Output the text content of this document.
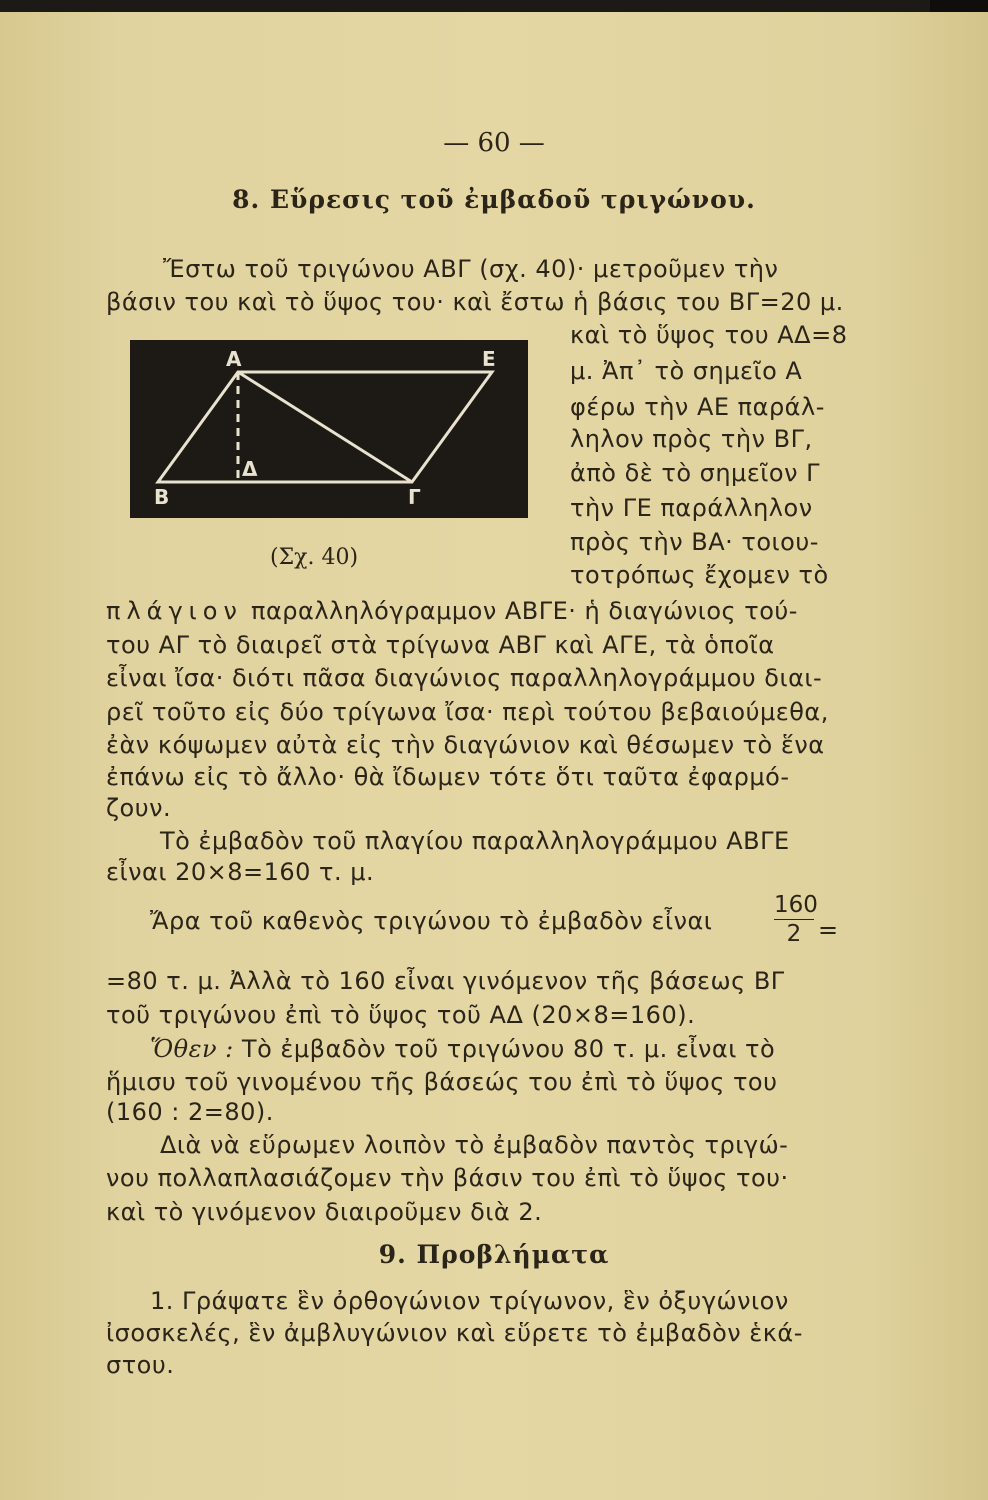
— 60 —
8. Εὕρεσις τοῦ ἐμβαδοῦ τριγώνου.
Ἔστω τοῦ τριγώνου ΑΒΓ (σχ. 40)· μετροῦμεν τὴν
βάσιν του καὶ τὸ ὕψος του· καὶ ἔστω ἡ βάσις του ΒΓ=20 μ.
καὶ τὸ ὕψος του ΑΔ=8
μ. Ἀπ᾽ τὸ σημεῖο Α
φέρω τὴν ΑΕ παράλ-
ληλον πρὸς τὴν ΒΓ,
ἀπὸ δὲ τὸ σημεῖον Γ
τὴν ΓΕ παράλληλον
πρὸς τὴν ΒΑ· τοιου-
τοτρόπως ἔχομεν τὸ
Α	Ε
Β	Γ
Δ
(Σχ. 40)
πλάγιον παραλληλόγραμμον ΑΒΓΕ· ἡ διαγώνιος τού-
του ΑΓ τὸ διαιρεῖ στὰ τρίγωνα ΑΒΓ καὶ ΑΓΕ, τὰ ὁποῖα
εἶναι ἴσα· διότι πᾶσα διαγώνιος παραλληλογράμμου διαι-
ρεῖ τοῦτο εἰς δύο τρίγωνα ἴσα· περὶ τούτου βεβαιούμεθα,
ἐὰν κόψωμεν αὐτὰ εἰς τὴν διαγώνιον καὶ θέσωμεν τὸ ἕνα
ἐπάνω εἰς τὸ ἄλλο· θὰ ἴδωμεν τότε ὅτι ταῦτα ἐφαρμό-
ζουν.
Τὸ ἐμβαδὸν τοῦ πλαγίου παραλληλογράμμου ΑΒΓΕ
εἶναι 20×8=160 τ. μ.
Ἄρα τοῦ καθενὸς τριγώνου τὸ ἐμβαδὸν εἶναι
160
2 =
=80 τ. μ. Ἀλλὰ τὸ 160 εἶναι γινόμενον τῆς βάσεως ΒΓ
τοῦ τριγώνου ἐπὶ τὸ ὕψος τοῦ ΑΔ (20×8=160).
Ὅθεν : Τὸ ἐμβαδὸν τοῦ τριγώνου 80 τ. μ. εἶναι τὸ
ἥμισυ τοῦ γινομένου τῆς βάσεώς του ἐπὶ τὸ ὕψος του
(160 : 2=80).
Διὰ νὰ εὕρωμεν λοιπὸν τὸ ἐμβαδὸν παντὸς τριγώ-
νου πολλαπλασιάζομεν τὴν βάσιν του ἐπὶ τὸ ὕψος του·
καὶ τὸ γινόμενον διαιροῦμεν διὰ 2.
9. Προβλήματα
1. Γράψατε ἓν ὀρθογώνιον τρίγωνον, ἓν ὀξυγώνιον
ἰσοσκελές, ἓν ἀμβλυγώνιον καὶ εὕρετε τὸ ἐμβαδὸν ἑκά-
στου.
